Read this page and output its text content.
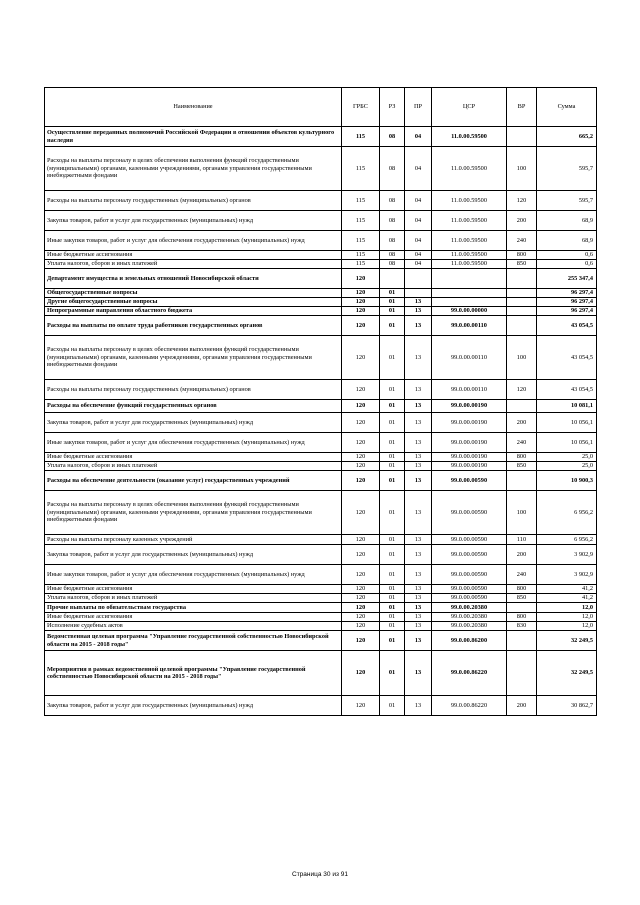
Наименование	ГРБС	РЗ	ПР	ЦСР	ВР	Сумма
Осуществление переданных полномочий Российской Федерации в отношении объектов культурного наследия	115	08	04	11.0.00.59500		665,2
Расходы на выплаты персоналу в целях обеспечения выполнения функций государственными (муниципальными) органами, казенными учреждениями, органами управления государственными внебюджетными фондами	115	08	04	11.0.00.59500	100	595,7
Расходы на выплаты персоналу государственных (муниципальных) органов	115	08	04	11.0.00.59500	120	595,7
Закупка товаров, работ и услуг для государственных (муниципальных) нужд	115	08	04	11.0.00.59500	200	68,9
Иные закупки товаров, работ и услуг для обеспечения государственных (муниципальных) нужд	115	08	04	11.0.00.59500	240	68,9
Иные бюджетные ассигнования	115	08	04	11.0.00.59500	800	0,6
Уплата налогов, сборов и иных платежей	115	08	04	11.0.00.59500	850	0,6
Департамент имущества и земельных отношений Новосибирской области	120					255 347,4
Общегосударственные вопросы	120	01				96 297,4
Другие общегосударственные вопросы	120	01	13			96 297,4
Непрограммные направления областного бюджета	120	01	13	99.0.00.00000		96 297,4
Расходы на выплаты по оплате труда работников государственных органов	120	01	13	99.0.00.00110		43 054,5
Расходы на выплаты персоналу в целях обеспечения выполнения функций государственными (муниципальными) органами, казенными учреждениями, органами управления государственными внебюджетными фондами	120	01	13	99.0.00.00110	100	43 054,5
Расходы на выплаты персоналу государственных (муниципальных) органов	120	01	13	99.0.00.00110	120	43 054,5
Расходы на обеспечение функций государственных органов	120	01	13	99.0.00.00190		10 081,1
Закупка товаров, работ и услуг для государственных (муниципальных) нужд	120	01	13	99.0.00.00190	200	10 056,1
Иные закупки товаров, работ и услуг для обеспечения государственных (муниципальных) нужд	120	01	13	99.0.00.00190	240	10 056,1
Иные бюджетные ассигнования	120	01	13	99.0.00.00190	800	25,0
Уплата налогов, сборов и иных платежей	120	01	13	99.0.00.00190	850	25,0
Расходы на обеспечение деятельности (оказание услуг) государственных учреждений	120	01	13	99.0.00.00590		10 900,3
Расходы на выплаты персоналу в целях обеспечения выполнения функций государственными (муниципальными) органами, казенными учреждениями, органами управления государственными внебюджетными фондами	120	01	13	99.0.00.00590	100	6 956,2
Расходы на выплаты персоналу казенных учреждений	120	01	13	99.0.00.00590	110	6 956,2
Закупка товаров, работ и услуг для государственных (муниципальных) нужд	120	01	13	99.0.00.00590	200	3 902,9
Иные закупки товаров, работ и услуг для обеспечения государственных (муниципальных) нужд	120	01	13	99.0.00.00590	240	3 902,9
Иные бюджетные ассигнования	120	01	13	99.0.00.00590	800	41,2
Уплата налогов, сборов и иных платежей	120	01	13	99.0.00.00590	850	41,2
Прочие выплаты по обязательствам государства	120	01	13	99.0.00.20380		12,0
Иные бюджетные ассигнования	120	01	13	99.0.00.20380	800	12,0
Исполнение судебных актов	120	01	13	99.0.00.20380	830	12,0
Ведомственная целевая программа "Управление государственной собственностью Новосибирской области на 2015 - 2018 годы"	120	01	13	99.0.00.86200		32 249,5
Мероприятия в рамках ведомственной целевой программы "Управление государственной собственностью Новосибирской области на 2015 - 2018 годы"	120	01	13	99.0.00.86220		32 249,5
Закупка товаров, работ и услуг для государственных (муниципальных) нужд	120	01	13	99.0.00.86220	200	30 862,7
Страница 30 из 91
